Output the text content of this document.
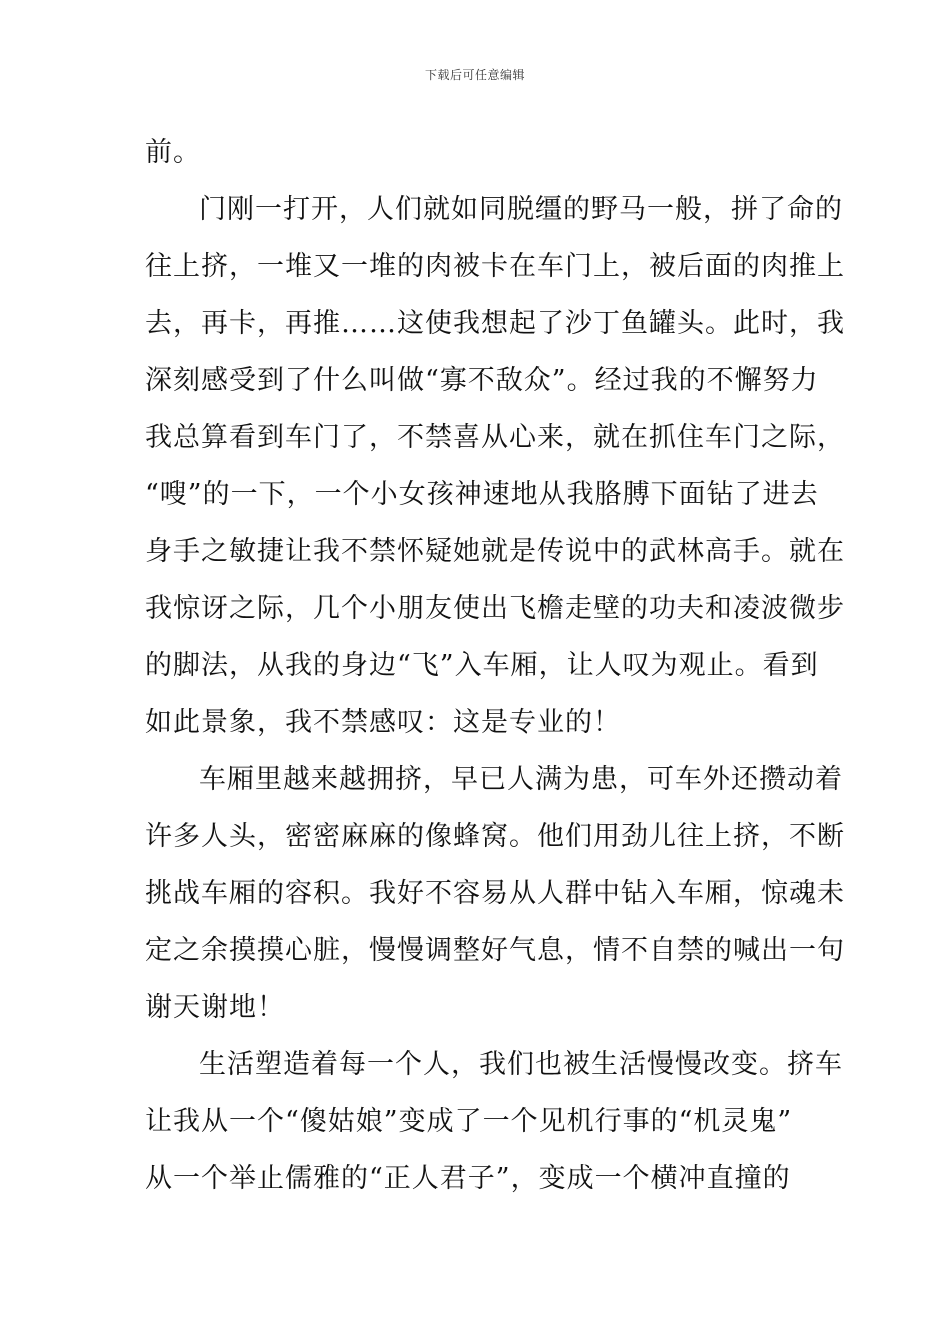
下载后可任意编辑
前。
门刚一打开，人们就如同脱缰的野马一般，拼了命的
往上挤，一堆又一堆的肉被卡在车门上，被后面的肉推上
去，再卡，再推……这使我想起了沙丁鱼罐头。此时，我
深刻感受到了什么叫做“寡不敌众”。经过我的不懈努力
我总算看到车门了，不禁喜从心来，就在抓住车门之际，
“嗖”的一下，一个小女孩神速地从我胳膊下面钻了进去
身手之敏捷让我不禁怀疑她就是传说中的武林高手。就在
我惊讶之际，几个小朋友使出飞檐走壁的功夫和凌波微步
的脚法，从我的身边“飞”入车厢，让人叹为观止。看到
如此景象，我不禁感叹：这是专业的！
车厢里越来越拥挤，早已人满为患，可车外还攒动着
许多人头，密密麻麻的像蜂窝。他们用劲儿往上挤，不断
挑战车厢的容积。我好不容易从人群中钻入车厢，惊魂未
定之余摸摸心脏，慢慢调整好气息，情不自禁的喊出一句
谢天谢地！
生活塑造着每一个人，我们也被生活慢慢改变。挤车
让我从一个“傻姑娘”变成了一个见机行事的“机灵鬼”
从一个举止儒雅的“正人君子”，变成一个横冲直撞的
